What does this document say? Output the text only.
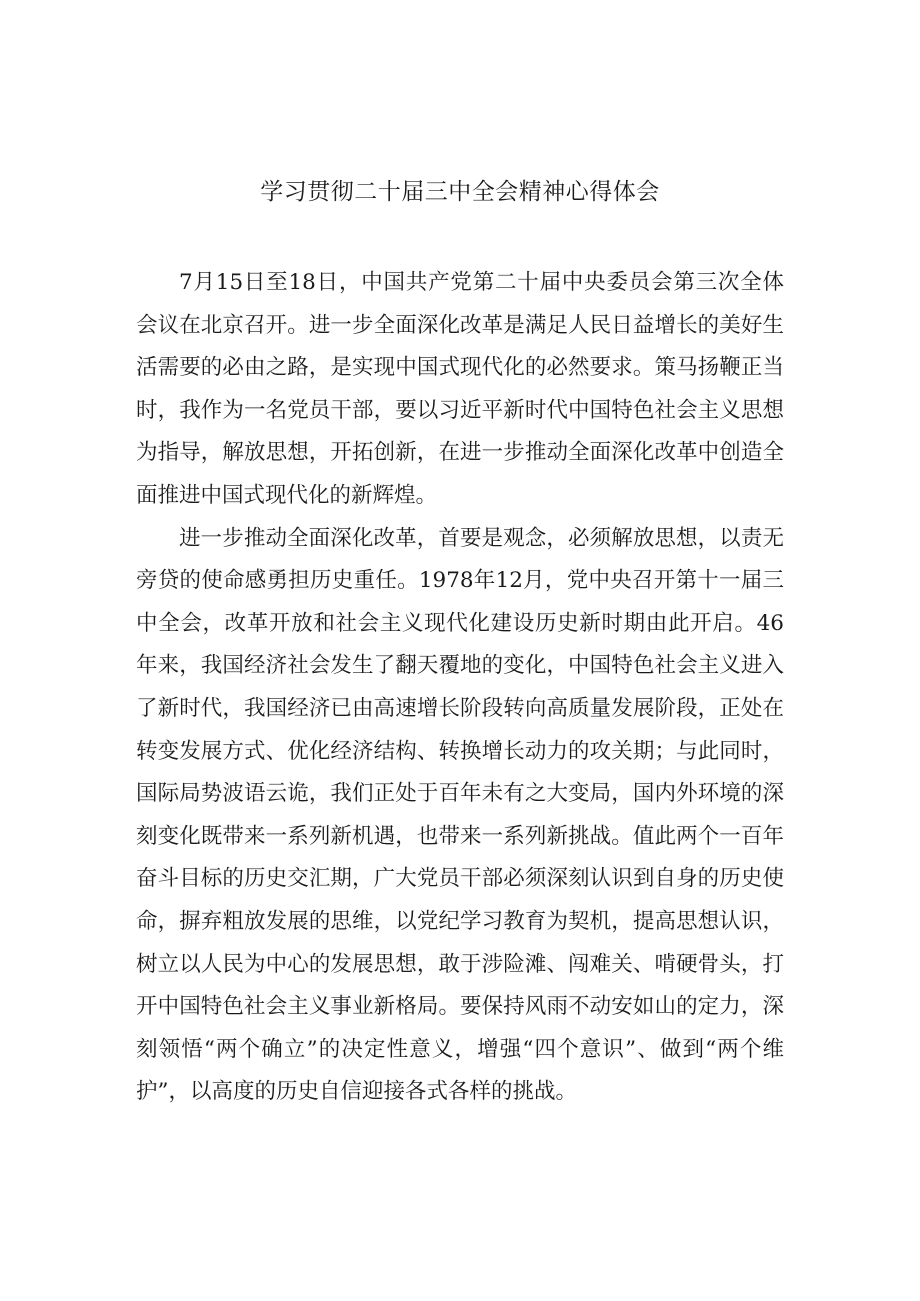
学习贯彻二十届三中全会精神心得体会

7月15日至18日，中国共产党第二十届中央委员会第三次全体会议在北京召开。进一步全面深化改革是满足人民日益增长的美好生活需要的必由之路，是实现中国式现代化的必然要求。策马扬鞭正当时，我作为一名党员干部，要以习近平新时代中国特色社会主义思想为指导，解放思想，开拓创新，在进一步推动全面深化改革中创造全面推进中国式现代化的新辉煌。

进一步推动全面深化改革，首要是观念，必须解放思想，以责无旁贷的使命感勇担历史重任。1978年12月，党中央召开第十一届三中全会，改革开放和社会主义现代化建设历史新时期由此开启。46年来，我国经济社会发生了翻天覆地的变化，中国特色社会主义进入了新时代，我国经济已由高速增长阶段转向高质量发展阶段，正处在转变发展方式、优化经济结构、转换增长动力的攻关期；与此同时，国际局势波语云诡，我们正处于百年未有之大变局，国内外环境的深刻变化既带来一系列新机遇，也带来一系列新挑战。值此两个一百年奋斗目标的历史交汇期，广大党员干部必须深刻认识到自身的历史使命，摒弃粗放发展的思维，以党纪学习教育为契机，提高思想认识，树立以人民为中心的发展思想，敢于涉险滩、闯难关、啃硬骨头，打开中国特色社会主义事业新格局。要保持风雨不动安如山的定力，深刻领悟“两个确立”的决定性意义，增强“四个意识”、做到“两个维护”，以高度的历史自信迎接各式各样的挑战。
